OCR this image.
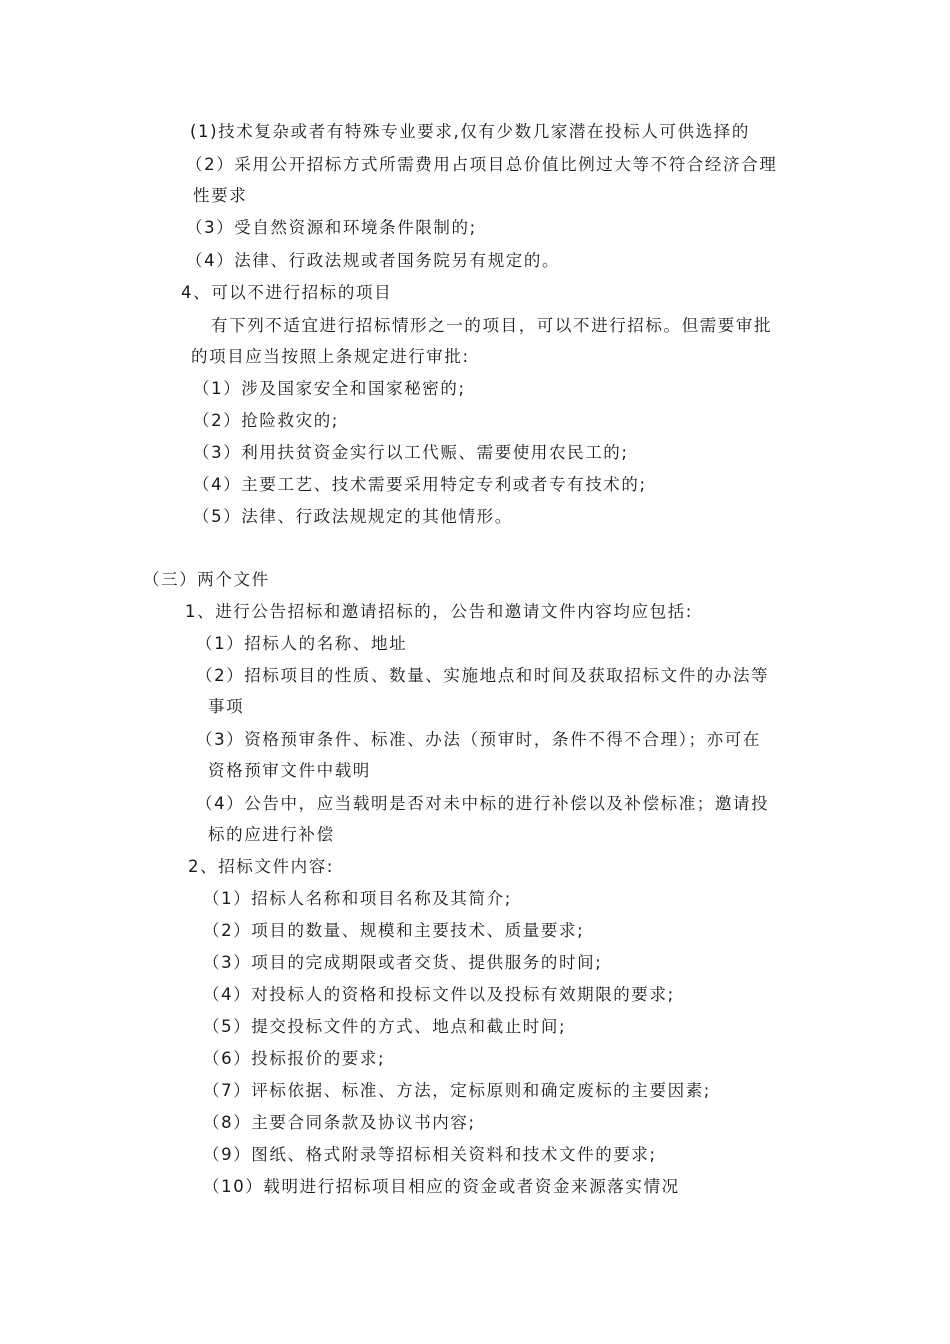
(1)技术复杂或者有特殊专业要求,仅有少数几家潜在投标人可供选择的
（2）采用公开招标方式所需费用占项目总价值比例过大等不符合经济合理
性要求
（3）受自然资源和环境条件限制的;
（4）法律、行政法规或者国务院另有规定的。
4、可以不进行招标的项目
有下列不适宜进行招标情形之一的项目，可以不进行招标。但需要审批
的项目应当按照上条规定进行审批:
（1）涉及国家安全和国家秘密的;
（2）抢险救灾的;
（3）利用扶贫资金实行以工代赈、需要使用农民工的;
（4）主要工艺、技术需要采用特定专利或者专有技术的;
（5）法律、行政法规规定的其他情形。
（三）两个文件
1、进行公告招标和邀请招标的，公告和邀请文件内容均应包括:
（1）招标人的名称、地址
（2）招标项目的性质、数量、实施地点和时间及获取招标文件的办法等
事项
（3）资格预审条件、标准、办法（预审时，条件不得不合理）；亦可在
资格预审文件中载明
（4）公告中，应当载明是否对未中标的进行补偿以及补偿标准；邀请投
标的应进行补偿
2、招标文件内容:
（1）招标人名称和项目名称及其简介;
（2）项目的数量、规模和主要技术、质量要求;
（3）项目的完成期限或者交货、提供服务的时间;
（4）对投标人的资格和投标文件以及投标有效期限的要求;
（5）提交投标文件的方式、地点和截止时间;
（6）投标报价的要求;
（7）评标依据、标准、方法，定标原则和确定废标的主要因素;
（8）主要合同条款及协议书内容;
（9）图纸、格式附录等招标相关资料和技术文件的要求;
（10）载明进行招标项目相应的资金或者资金来源落实情况
